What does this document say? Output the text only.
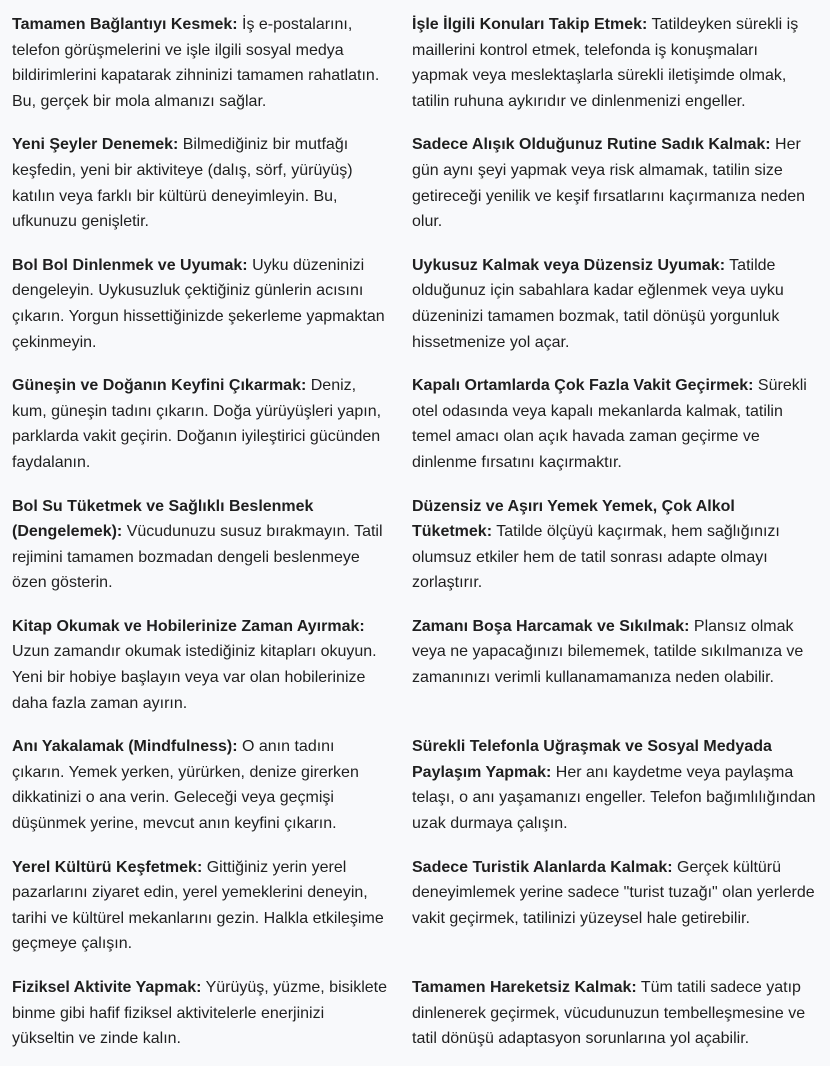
Tamamen Bağlantıyı Kesmek: İş e-postalarını, telefon görüşmelerini ve işle ilgili sosyal medya bildirimlerini kapatarak zihninizi tamamen rahatlatın. Bu, gerçek bir mola almanızı sağlar.	İşle İlgili Konuları Takip Etmek: Tatildeyken sürekli iş maillerini kontrol etmek, telefonda iş konuşmaları yapmak veya meslektaşlarla sürekli iletişimde olmak, tatilin ruhuna aykırıdır ve dinlenmenizi engeller.
Yeni Şeyler Denemek: Bilmediğiniz bir mutfağı keşfedin, yeni bir aktiviteye (dalış, sörf, yürüyüş) katılın veya farklı bir kültürü deneyimleyin. Bu, ufkunuzu genişletir.	Sadece Alışık Olduğunuz Rutine Sadık Kalmak: Her gün aynı şeyi yapmak veya risk almamak, tatilin size getireceği yenilik ve keşif fırsatlarını kaçırmanıza neden olur.
Bol Bol Dinlenmek ve Uyumak: Uyku düzeninizi dengeleyin. Uykusuzluk çektiğiniz günlerin acısını çıkarın. Yorgun hissettiğinizde şekerleme yapmaktan çekinmeyin.	Uykusuz Kalmak veya Düzensiz Uyumak: Tatilde olduğunuz için sabahlara kadar eğlenmek veya uyku düzeninizi tamamen bozmak, tatil dönüşü yorgunluk hissetmenize yol açar.
Güneşin ve Doğanın Keyfini Çıkarmak: Deniz, kum, güneşin tadını çıkarın. Doğa yürüyüşleri yapın, parklarda vakit geçirin. Doğanın iyileştirici gücünden faydalanın.	Kapalı Ortamlarda Çok Fazla Vakit Geçirmek: Sürekli otel odasında veya kapalı mekanlarda kalmak, tatilin temel amacı olan açık havada zaman geçirme ve dinlenme fırsatını kaçırmaktır.
Bol Su Tüketmek ve Sağlıklı Beslenmek (Dengelemek): Vücudunuzu susuz bırakmayın. Tatil rejimini tamamen bozmadan dengeli beslenmeye özen gösterin.	Düzensiz ve Aşırı Yemek Yemek, Çok Alkol Tüketmek: Tatilde ölçüyü kaçırmak, hem sağlığınızı olumsuz etkiler hem de tatil sonrası adapte olmayı zorlaştırır.
Kitap Okumak ve Hobilerinize Zaman Ayırmak: Uzun zamandır okumak istediğiniz kitapları okuyun. Yeni bir hobiye başlayın veya var olan hobilerinize daha fazla zaman ayırın.	Zamanı Boşa Harcamak ve Sıkılmak: Plansız olmak veya ne yapacağınızı bilememek, tatilde sıkılmanıza ve zamanınızı verimli kullanamamanıza neden olabilir.
Anı Yakalamak (Mindfulness): O anın tadını çıkarın. Yemek yerken, yürürken, denize girerken dikkatinizi o ana verin. Geleceği veya geçmişi düşünmek yerine, mevcut anın keyfini çıkarın.	Sürekli Telefonla Uğraşmak ve Sosyal Medyada Paylaşım Yapmak: Her anı kaydetme veya paylaşma telaşı, o anı yaşamanızı engeller. Telefon bağımlılığından uzak durmaya çalışın.
Yerel Kültürü Keşfetmek: Gittiğiniz yerin yerel pazarlarını ziyaret edin, yerel yemeklerini deneyin, tarihi ve kültürel mekanlarını gezin. Halkla etkileşime geçmeye çalışın.	Sadece Turistik Alanlarda Kalmak: Gerçek kültürü deneyimlemek yerine sadece "turist tuzağı" olan yerlerde vakit geçirmek, tatilinizi yüzeysel hale getirebilir.
Fiziksel Aktivite Yapmak: Yürüyüş, yüzme, bisiklete binme gibi hafif fiziksel aktivitelerle enerjinizi yükseltin ve zinde kalın.	Tamamen Hareketsiz Kalmak: Tüm tatili sadece yatıp dinlenerek geçirmek, vücudunuzun tembelleşmesine ve tatil dönüşü adaptasyon sorunlarına yol açabilir.
